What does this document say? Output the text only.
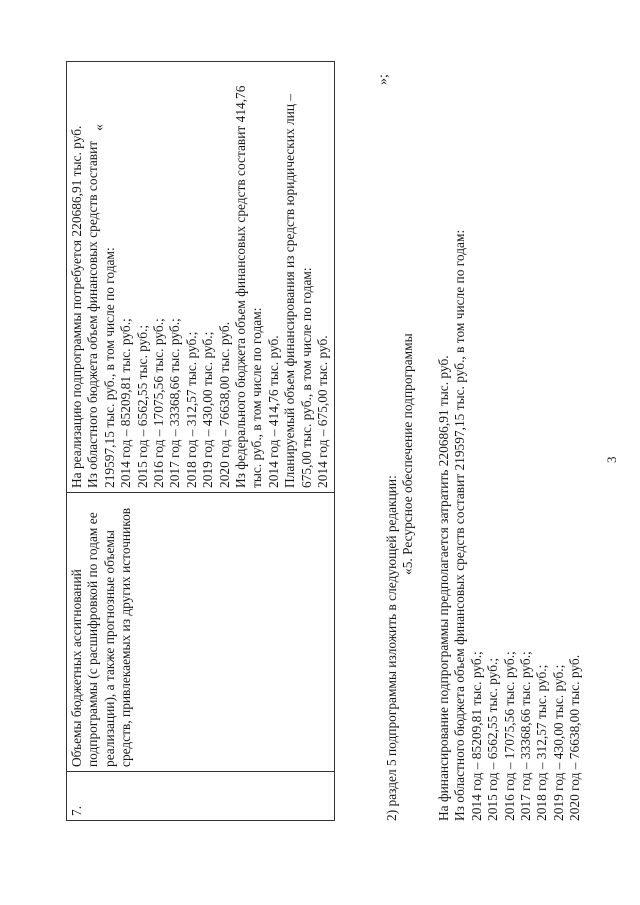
3
«
7.	
Объемы бюджетных ассигнований подпрограммы (с расшифровкой по годам ее реализации), а также прогнозные объемы средств, привлекаемых из других источников

На реализацию подпрограммы потребуется 220686,91 тыс. руб. Из областного бюджета объем финансовых средств составит 219597,15 тыс. руб., в том числе по годам: 2014 год – 85209,81 тыс. руб.; 2015 год – 6562,55 тыс. руб.; 2016 год – 17075,56 тыс. руб.; 2017 год – 33368,66 тыс. руб.; 2018 год – 312,57 тыс. руб.; 2019 год – 430,00 тыс. руб.; 2020 год – 76638,00 тыс. руб. Из федерального бюджета объем финансовых средств составит 414,76 тыс. руб., в том числе по годам: 2014 год – 414,76 тыс. руб. Планируемый объем финансирования из средств юридических лиц – 675,00 тыс. руб., в том числе по годам: 2014 год – 675,00 тыс. руб.
»;
2) раздел 5 подпрограммы изложить в следующей редакции:
«5. Ресурсное обеспечение подпрограммы На финансирование подпрограммы предполагается затратить 220686,91 тыс. руб. Из областного бюджета объем финансовых средств составит 219597,15 тыс. руб., в том числе по годам: 2014 год – 85209,81 тыс. руб.; 2015 год – 6562,55 тыс. руб.; 2016 год – 17075,56 тыс. руб.; 2017 год – 33368,66 тыс. руб.; 2018 год – 312,57 тыс. руб.; 2019 год – 430,00 тыс. руб.; 2020 год – 76638,00 тыс. руб.
